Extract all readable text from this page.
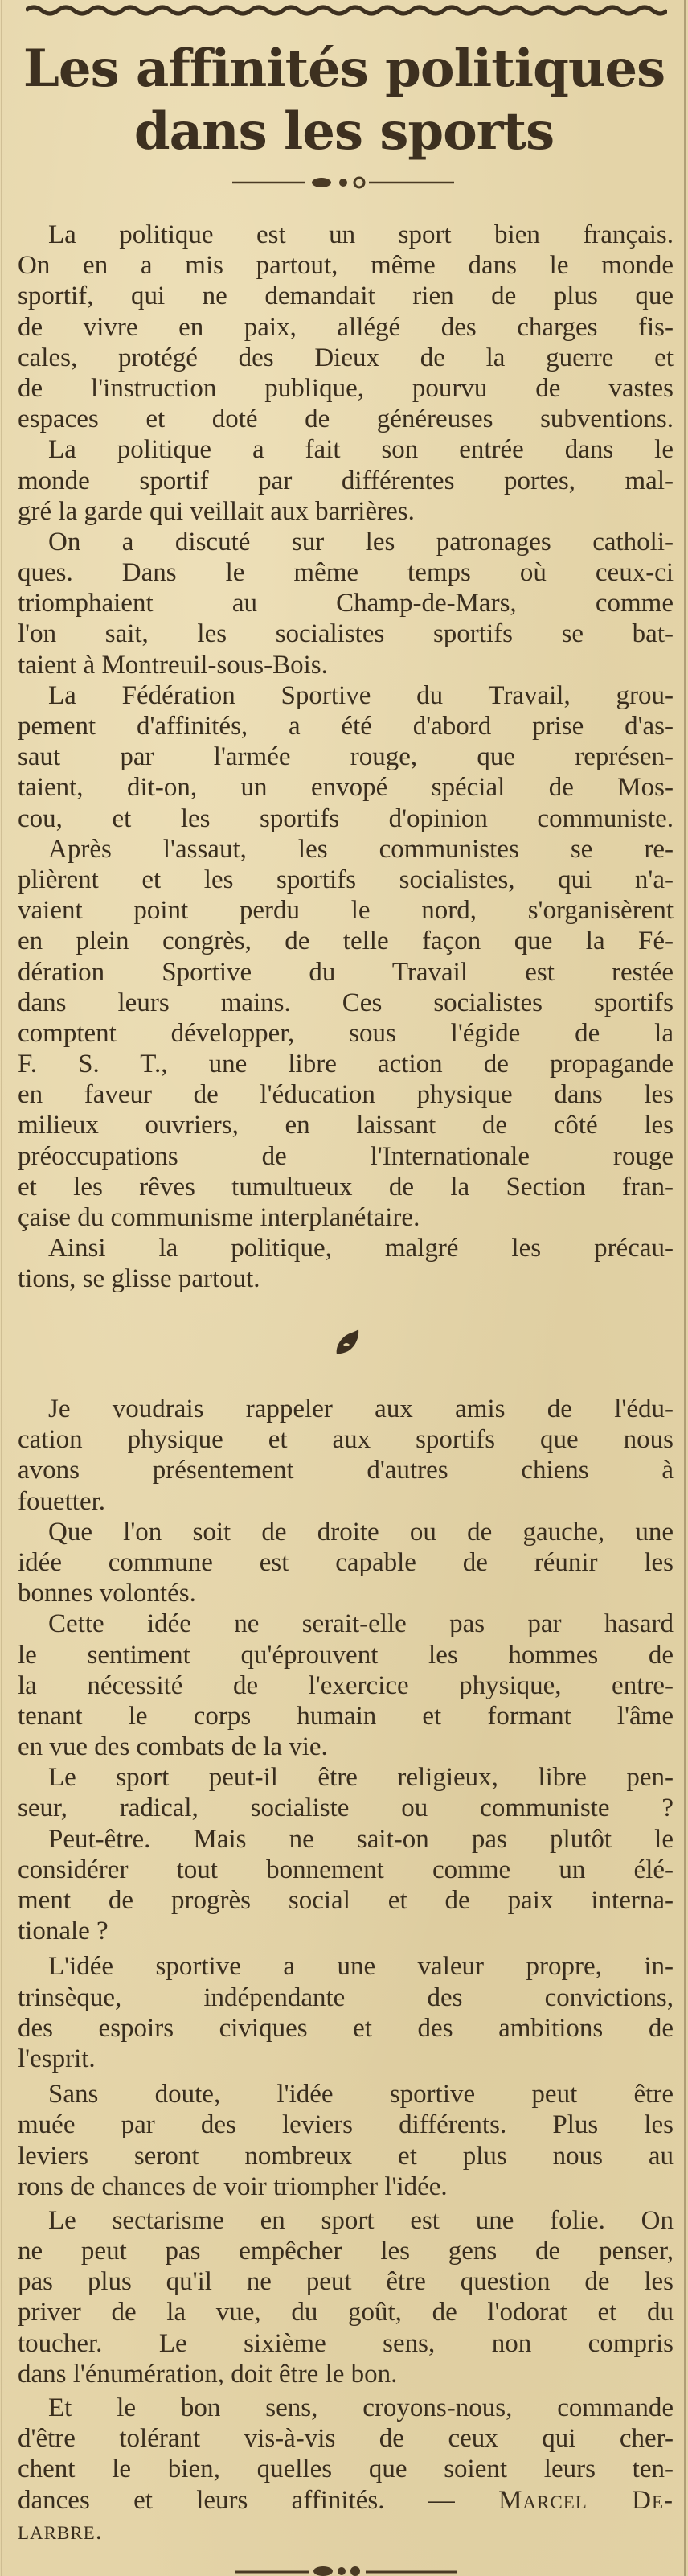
Les affinités politiques
dans les sports
La politique est un sport bien français.
On en a mis partout, même dans le monde
sportif, qui ne demandait rien de plus que
de vivre en paix, allégé des charges fis-
cales, protégé des Dieux de la guerre et
de l'instruction publique, pourvu de vastes
espaces et doté de généreuses subventions.
La politique a fait son entrée dans le
monde sportif par différentes portes, mal-
gré la garde qui veillait aux barrières.
On a discuté sur les patronages catholi-
ques. Dans le même temps où ceux-ci
triomphaient au Champ-de-Mars, comme
l'on sait, les socialistes sportifs se bat-
taient à Montreuil-sous-Bois.
La Fédération Sportive du Travail, grou-
pement d'affinités, a été d'abord prise d'as-
saut par l'armée rouge, que représen-
taient, dit-on, un envopé spécial de Mos-
cou, et les sportifs d'opinion communiste.
Après l'assaut, les communistes se re-
plièrent et les sportifs socialistes, qui n'a-
vaient point perdu le nord, s'organisèrent
en plein congrès, de telle façon que la Fé-
dération Sportive du Travail est restée
dans leurs mains. Ces socialistes sportifs
comptent développer, sous l'égide de la
F. S. T., une libre action de propagande
en faveur de l'éducation physique dans les
milieux ouvriers, en laissant de côté les
préoccupations de l'Internationale rouge
et les rêves tumultueux de la Section fran-
çaise du communisme interplanétaire.
Ainsi la politique, malgré les précau-
tions, se glisse partout.
Je voudrais rappeler aux amis de l'édu-
cation physique et aux sportifs que nous
avons présentement d'autres chiens à
fouetter.
Que l'on soit de droite ou de gauche, une
idée commune est capable de réunir les
bonnes volontés.
Cette idée ne serait-elle pas par hasard
le sentiment qu'éprouvent les hommes de
la nécessité de l'exercice physique, entre-
tenant le corps humain et formant l'âme
en vue des combats de la vie.
Le sport peut-il être religieux, libre pen-
seur, radical, socialiste ou communiste ?
Peut-être. Mais ne sait-on pas plutôt le
considérer tout bonnement comme un élé-
ment de progrès social et de paix interna-
tionale ?
L'idée sportive a une valeur propre, in-
trinsèque, indépendante des convictions,
des espoirs civiques et des ambitions de
l'esprit.
Sans doute, l'idée sportive peut être
muée par des leviers différents. Plus les
leviers seront nombreux et plus nous au
rons de chances de voir triompher l'idée.
Le sectarisme en sport est une folie. On
ne peut pas empêcher les gens de penser,
pas plus qu'il ne peut être question de les
priver de la vue, du goût, de l'odorat et du
toucher. Le sixième sens, non compris
dans l'énumération, doit être le bon.
Et le bon sens, croyons-nous, commande
d'être tolérant vis-à-vis de ceux qui cher-
chent le bien, quelles que soient leurs ten-
dances et leurs affinités. — Marcel De-
larbre.
